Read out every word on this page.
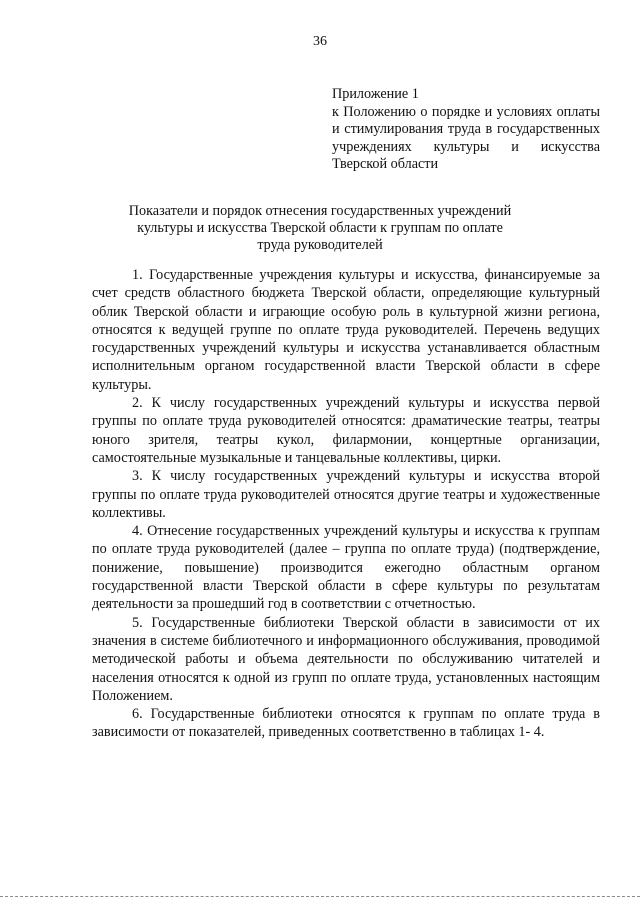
36
Приложение 1
к Положению о порядке и условиях оплаты и стимулирования труда в государственных учреждениях культуры и искусства Тверской области
Показатели и порядок отнесения государственных учреждений культуры и искусства Тверской области к группам по оплате труда руководителей

1. Государственные учреждения культуры и искусства, финансируемые за счет средств областного бюджета Тверской области, определяющие культурный облик Тверской области и играющие особую роль в культурной жизни региона, относятся к ведущей группе по оплате труда руководителей. Перечень ведущих государственных учреждений культуры и искусства устанавливается областным исполнительным органом государственной власти Тверской области в сфере культуры.

2. К числу государственных учреждений культуры и искусства первой группы по оплате труда руководителей относятся: драматические театры, театры юного зрителя, театры кукол, филармонии, концертные организации, самостоятельные музыкальные и танцевальные коллективы, цирки.

3. К числу государственных учреждений культуры и искусства второй группы по оплате труда руководителей относятся другие театры и художественные коллективы.

4. Отнесение государственных учреждений культуры и искусства к группам по оплате труда руководителей (далее – группа по оплате труда) (подтверждение, понижение, повышение) производится ежегодно областным органом государственной власти Тверской области в сфере культуры по результатам деятельности за прошедший год в соответствии с отчетностью.

5. Государственные библиотеки Тверской области в зависимости от их значения в системе библиотечного и информационного обслуживания, проводимой методической работы и объема деятельности по обслуживанию читателей и населения относятся к одной из групп по оплате труда, установленных настоящим Положением.

6. Государственные библиотеки относятся к группам по оплате труда в зависимости от показателей, приведенных соответственно в таблицах 1- 4.
